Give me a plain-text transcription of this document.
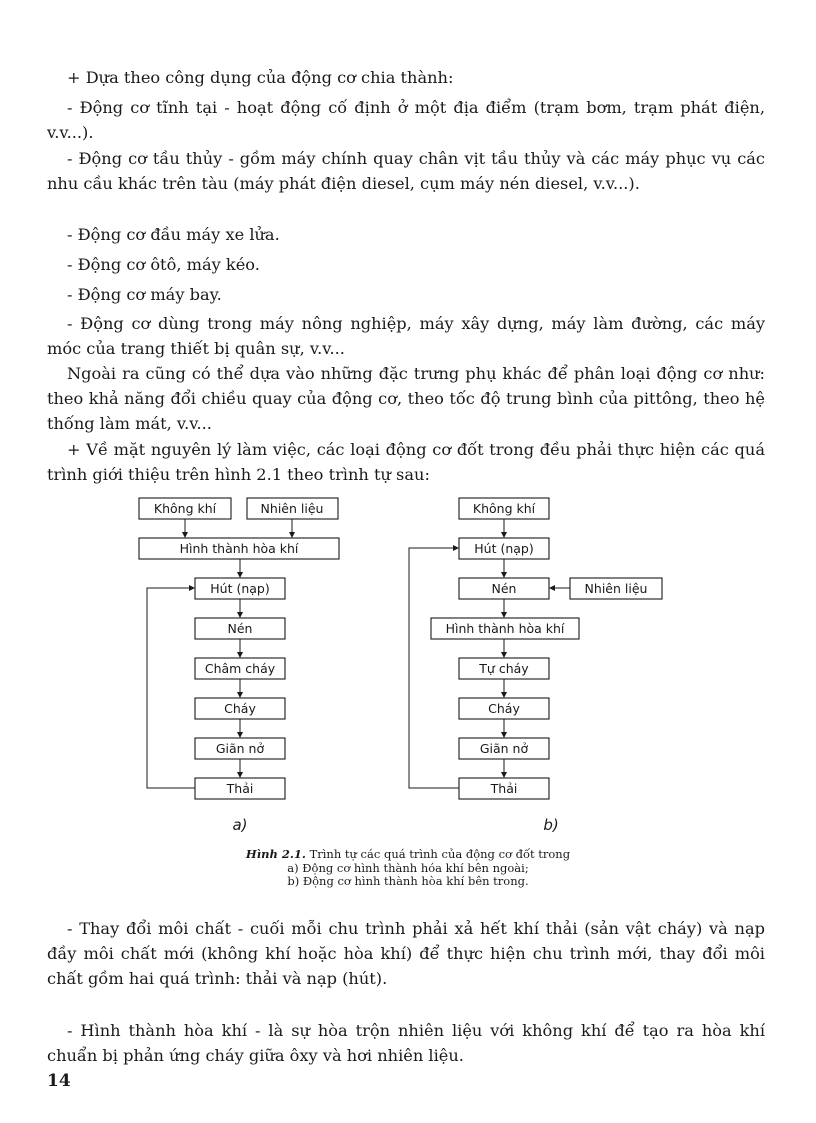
+ Dựa theo công dụng của động cơ chia thành:

- Động cơ tĩnh tại - hoạt động cố định ở một địa điểm (trạm bơm, trạm phát điện, v.v...).

- Động cơ tầu thủy - gồm máy chính quay chân vịt tầu thủy và các máy phục vụ các nhu cầu khác trên tàu (máy phát điện diesel, cụm máy nén diesel, v.v...).

- Động cơ đầu máy xe lửa.

- Động cơ ôtô, máy kéo.

- Động cơ máy bay.

- Động cơ dùng trong máy nông nghiệp, máy xây dựng, máy làm đường, các máy móc của trang thiết bị quân sự, v.v...

Ngoài ra cũng có thể dựa vào những đặc trưng phụ khác để phân loại động cơ như: theo khả năng đổi chiều quay của động cơ, theo tốc độ trung bình của pittông, theo hệ thống làm mát, v.v...

+ Về mặt nguyên lý làm việc, các loại động cơ đốt trong đều phải thực hiện các quá trình giới thiệu trên hình 2.1 theo trình tự sau:

Không khí	Nhiên liệu
Hình thành hòa khí
Hút (nạp)
Nén
Châm cháy
Cháy
Giãn nở
Thải
Không khí
Hút (nạp)
Nén	Nhiên liệu
Hình thành hòa khí
Tự cháy
Cháy
Giãn nở
Thải
a)	b)
Hình 2.1. Trình tự các quá trình của động cơ đốt trong
a) Động cơ hình thành hóa khí bên ngoài;
b) Động cơ hình thành hòa khí bên trong.

- Thay đổi môi chất - cuối mỗi chu trình phải xả hết khí thải (sản vật cháy) và nạp đầy môi chất mới (không khí hoặc hòa khí) để thực hiện chu trình mới, thay đổi môi chất gồm hai quá trình: thải và nạp (hút).

- Hình thành hòa khí - là sự hòa trộn nhiên liệu với không khí để tạo ra hòa khí chuẩn bị phản ứng cháy giữa ôxy và hơi nhiên liệu.

14
